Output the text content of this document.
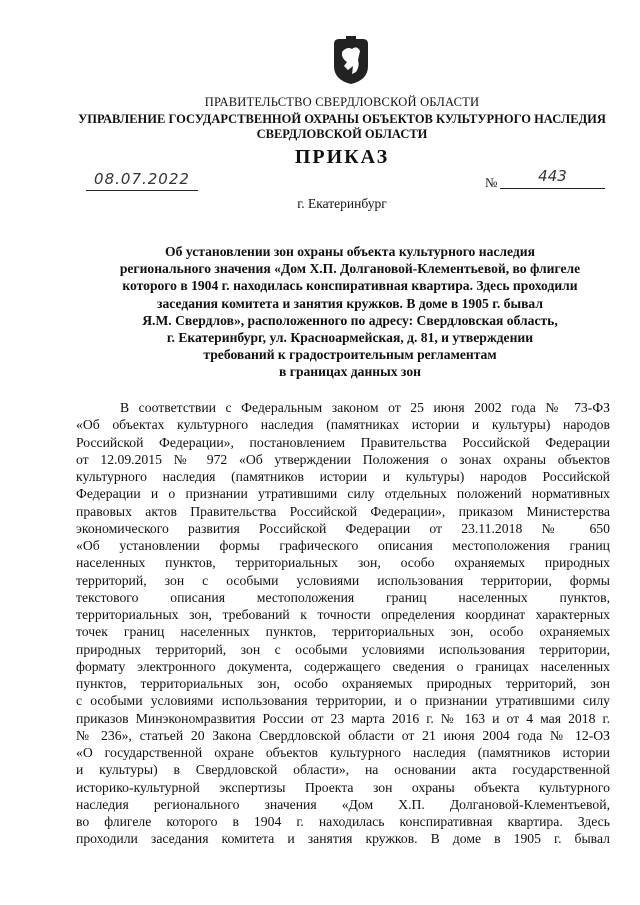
ПРАВИТЕЛЬСТВО СВЕРДЛОВСКОЙ ОБЛАСТИ
УПРАВЛЕНИЕ ГОСУДАРСТВЕННОЙ ОХРАНЫ ОБЪЕКТОВ КУЛЬТУРНОГО НАСЛЕДИЯ
СВЕРДЛОВСКОЙ ОБЛАСТИ
ПРИКАЗ
08.07.2022	№	443
г. Екатеринбург
Об установлении зон охраны объекта культурного наследия
регионального значения «Дом Х.П. Долгановой-Клементьевой, во флигеле
которого в 1904 г. находилась конспиративная квартира. Здесь проходили
заседания комитета и занятия кружков. В доме в 1905 г. бывал
Я.М. Свердлов», расположенного по адресу: Свердловская область,
г. Екатеринбург, ул. Красноармейская, д. 81, и утверждении
требований к градостроительным регламентам
в границах данных зон
В соответствии с Федеральным законом от 25 июня 2002 года № 73-ФЗ
«Об объектах культурного наследия (памятниках истории и культуры) народов
Российской Федерации», постановлением Правительства Российской Федерации
от 12.09.2015 № 972 «Об утверждении Положения о зонах охраны объектов
культурного наследия (памятников истории и культуры) народов Российской
Федерации и о признании утратившими силу отдельных положений нормативных
правовых актов Правительства Российской Федерации», приказом Министерства
экономического развития Российской Федерации от 23.11.2018 № 650
«Об установлении формы графического описания местоположения границ
населенных пунктов, территориальных зон, особо охраняемых природных
территорий, зон с особыми условиями использования территории, формы
текстового описания местоположения границ населенных пунктов,
территориальных зон, требований к точности определения координат характерных
точек границ населенных пунктов, территориальных зон, особо охраняемых
природных территорий, зон с особыми условиями использования территории,
формату электронного документа, содержащего сведения о границах населенных
пунктов, территориальных зон, особо охраняемых природных территорий, зон
с особыми условиями использования территории, и о признании утратившими силу
приказов Минэкономразвития России от 23 марта 2016 г. № 163 и от 4 мая 2018 г.
№ 236», статьей 20 Закона Свердловской области от 21 июня 2004 года № 12-ОЗ
«О государственной охране объектов культурного наследия (памятников истории
и культуры) в Свердловской области», на основании акта государственной
историко-культурной экспертизы Проекта зон охраны объекта культурного
наследия регионального значения «Дом Х.П. Долгановой-Клементьевой,
во флигеле которого в 1904 г. находилась конспиративная квартира. Здесь
проходили заседания комитета и занятия кружков. В доме в 1905 г. бывал
